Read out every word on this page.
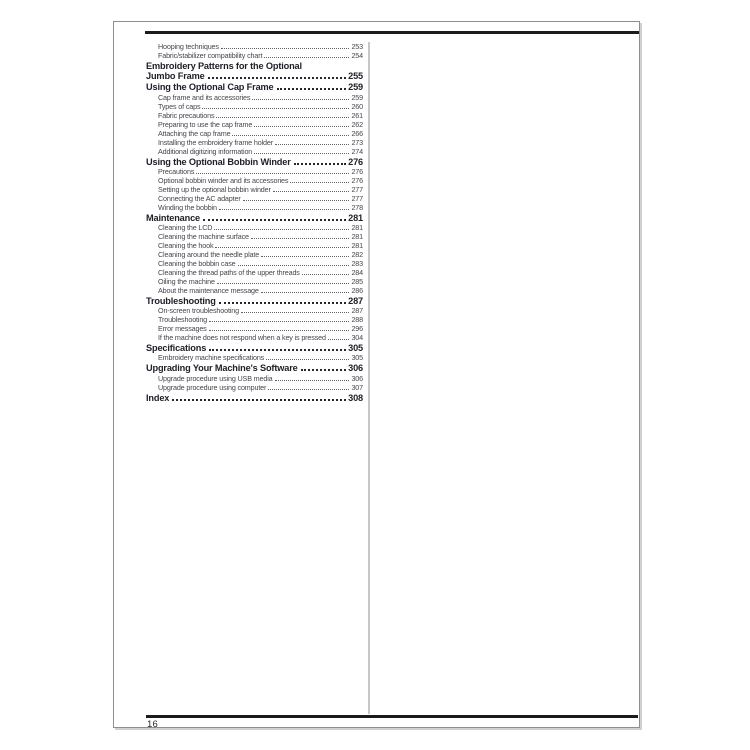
Hooping techniques	253
Fabric/stabilizer compatibility chart	254
Embroidery Patterns for the Optional
Jumbo Frame	255
Using the Optional Cap Frame	259
Cap frame and its accessories	259
Types of caps	260
Fabric precautions	261
Preparing to use the cap frame	262
Attaching the cap frame	266
Installing the embroidery frame holder	273
Additional digitizing information	274
Using the Optional Bobbin Winder	276
Precautions	276
Optional bobbin winder and its accessories	276
Setting up the optional bobbin winder	277
Connecting the AC adapter	277
Winding the bobbin	278
Maintenance	281
Cleaning the LCD	281
Cleaning the machine surface	281
Cleaning the hook	281
Cleaning around the needle plate	282
Cleaning the bobbin case	283
Cleaning the thread paths of the upper threads	284
Oiling the machine	285
About the maintenance message	286
Troubleshooting	287
On-screen troubleshooting	287
Troubleshooting	288
Error messages	296
If the machine does not respond when a key is pressed	304
Specifications	305
Embroidery machine specifications	305
Upgrading Your Machine's Software	306
Upgrade procedure using USB media	306
Upgrade procedure using computer	307
Index	308
16
